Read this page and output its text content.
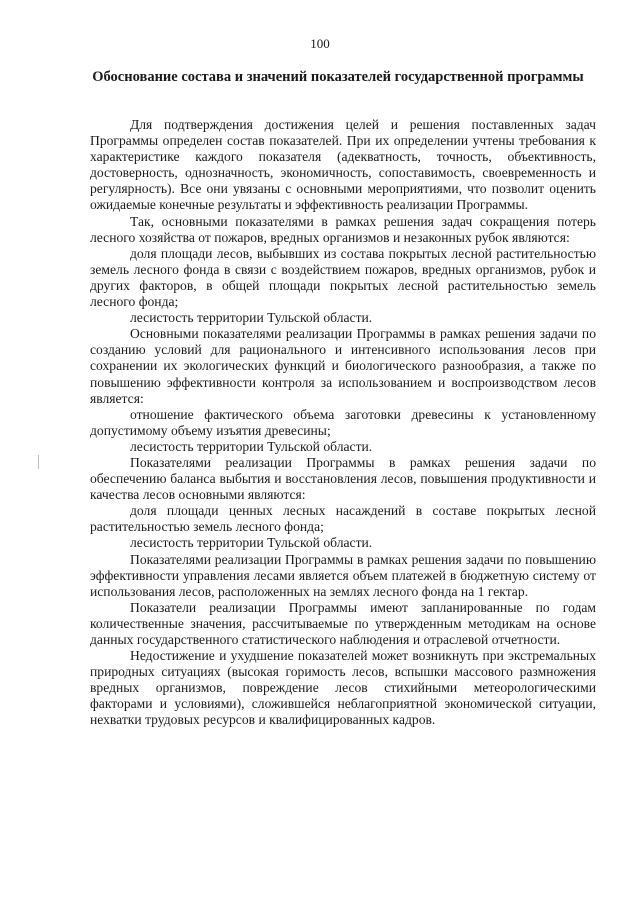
100
Обоснование состава и значений показателей государственной программы

Для подтверждения достижения целей и решения поставленных задач Программы определен состав показателей. При их определении учтены требования к характеристике каждого показателя (адекватность, точность, объективность, достоверность, однозначность, экономичность, сопоставимость, своевременность и регулярность). Все они увязаны с основными мероприятиями, что позволит оценить ожидаемые конечные результаты и эффективность реализации Программы.

Так, основными показателями в рамках решения задач сокращения потерь лесного хозяйства от пожаров, вредных организмов и незаконных рубок являются:

доля площади лесов, выбывших из состава покрытых лесной растительностью земель лесного фонда в связи с воздействием пожаров, вредных организмов, рубок и других факторов, в общей площади покрытых лесной растительностью земель лесного фонда;

лесистость территории Тульской области.

Основными показателями реализации Программы в рамках решения задачи по созданию условий для рационального и интенсивного использования лесов при сохранении их экологических функций и биологического разнообразия, а также по повышению эффективности контроля за использованием и воспроизводством лесов является:

отношение фактического объема заготовки древесины к установленному допустимому объему изъятия древесины;

лесистость территории Тульской области.

Показателями реализации Программы в рамках решения задачи по обеспечению баланса выбытия и восстановления лесов, повышения продуктивности и качества лесов основными являются:

доля площади ценных лесных насаждений в составе покрытых лесной растительностью земель лесного фонда;

лесистость территории Тульской области.

Показателями реализации Программы в рамках решения задачи по повышению эффективности управления лесами является объем платежей в бюджетную систему от использования лесов, расположенных на землях лесного фонда на 1 гектар.

Показатели реализации Программы имеют запланированные по годам количественные значения, рассчитываемые по утвержденным методикам на основе данных государственного статистического наблюдения и отраслевой отчетности.

Недостижение и ухудшение показателей может возникнуть при экстремальных природных ситуациях (высокая горимость лесов, вспышки массового размножения вредных организмов, повреждение лесов стихийными метеорологическими факторами и условиями), сложившейся неблагоприятной экономической ситуации, нехватки трудовых ресурсов и квалифицированных кадров.
